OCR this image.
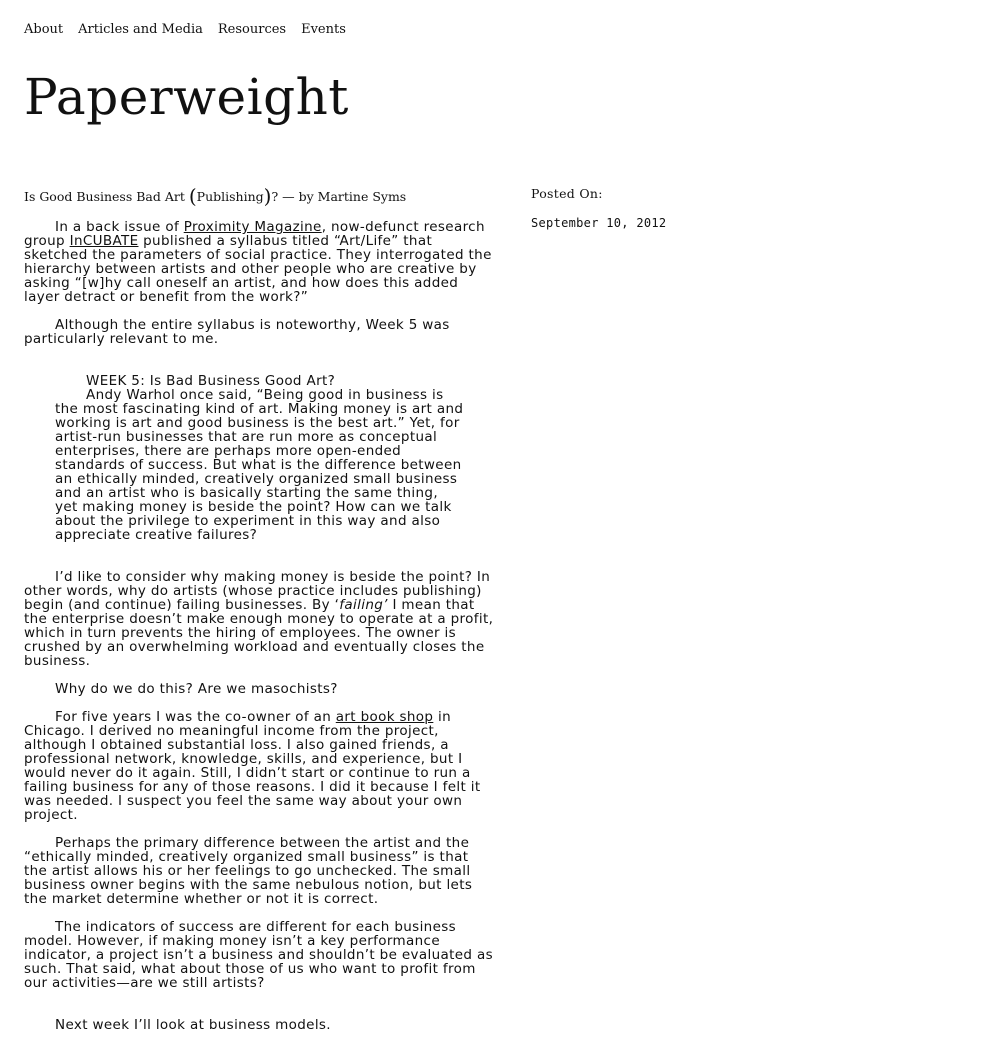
About Articles and Media Resources Events
Paperweight
Is Good Business Bad Art (Publishing)? — by Martine Syms

In a back issue of Proximity Magazine, now-defunct research group InCUBATE published a syllabus titled “Art/Life” that sketched the parameters of social practice. They interrogated the hierarchy between artists and other people who are creative by asking “[w]hy call oneself an artist, and how does this added layer detract or benefit from the work?”

Although the entire syllabus is noteworthy, Week 5 was particularly relevant to me.

WEEK 5: Is Bad Business Good Art?

Andy Warhol once said, “Being good in business is the most fascinating kind of art. Making money is art and working is art and good business is the best art.” Yet, for artist-run businesses that are run more as conceptual enterprises, there are perhaps more open-ended standards of success. But what is the difference between an ethically minded, creatively organized small business and an artist who is basically starting the same thing, yet making money is beside the point? How can we talk about the privilege to experiment in this way and also appreciate creative failures?

I’d like to consider why making money is beside the point? In other words, why do artists (whose practice includes publishing) begin (and continue) failing businesses. By ‘failing’ I mean that the enterprise doesn’t make enough money to operate at a profit, which in turn prevents the hiring of employees. The owner is crushed by an overwhelming workload and eventually closes the business.

Why do we do this? Are we masochists?

For five years I was the co-owner of an art book shop in Chicago. I derived no meaningful income from the project, although I obtained substantial loss. I also gained friends, a professional network, knowledge, skills, and experience, but I would never do it again. Still, I didn’t start or continue to run a failing business for any of those reasons. I did it because I felt it was needed. I suspect you feel the same way about your own project.

Perhaps the primary difference between the artist and the “ethically minded, creatively organized small business” is that the artist allows his or her feelings to go unchecked. The small business owner begins with the same nebulous notion, but lets the market determine whether or not it is correct.

The indicators of success are different for each business model. However, if making money isn’t a key performance indicator, a project isn’t a business and shouldn’t be evaluated as such. That said, what about those of us who want to profit from our activities—are we still artists?

Next week I’ll look at business models.

Posted On:
September 10, 2012
